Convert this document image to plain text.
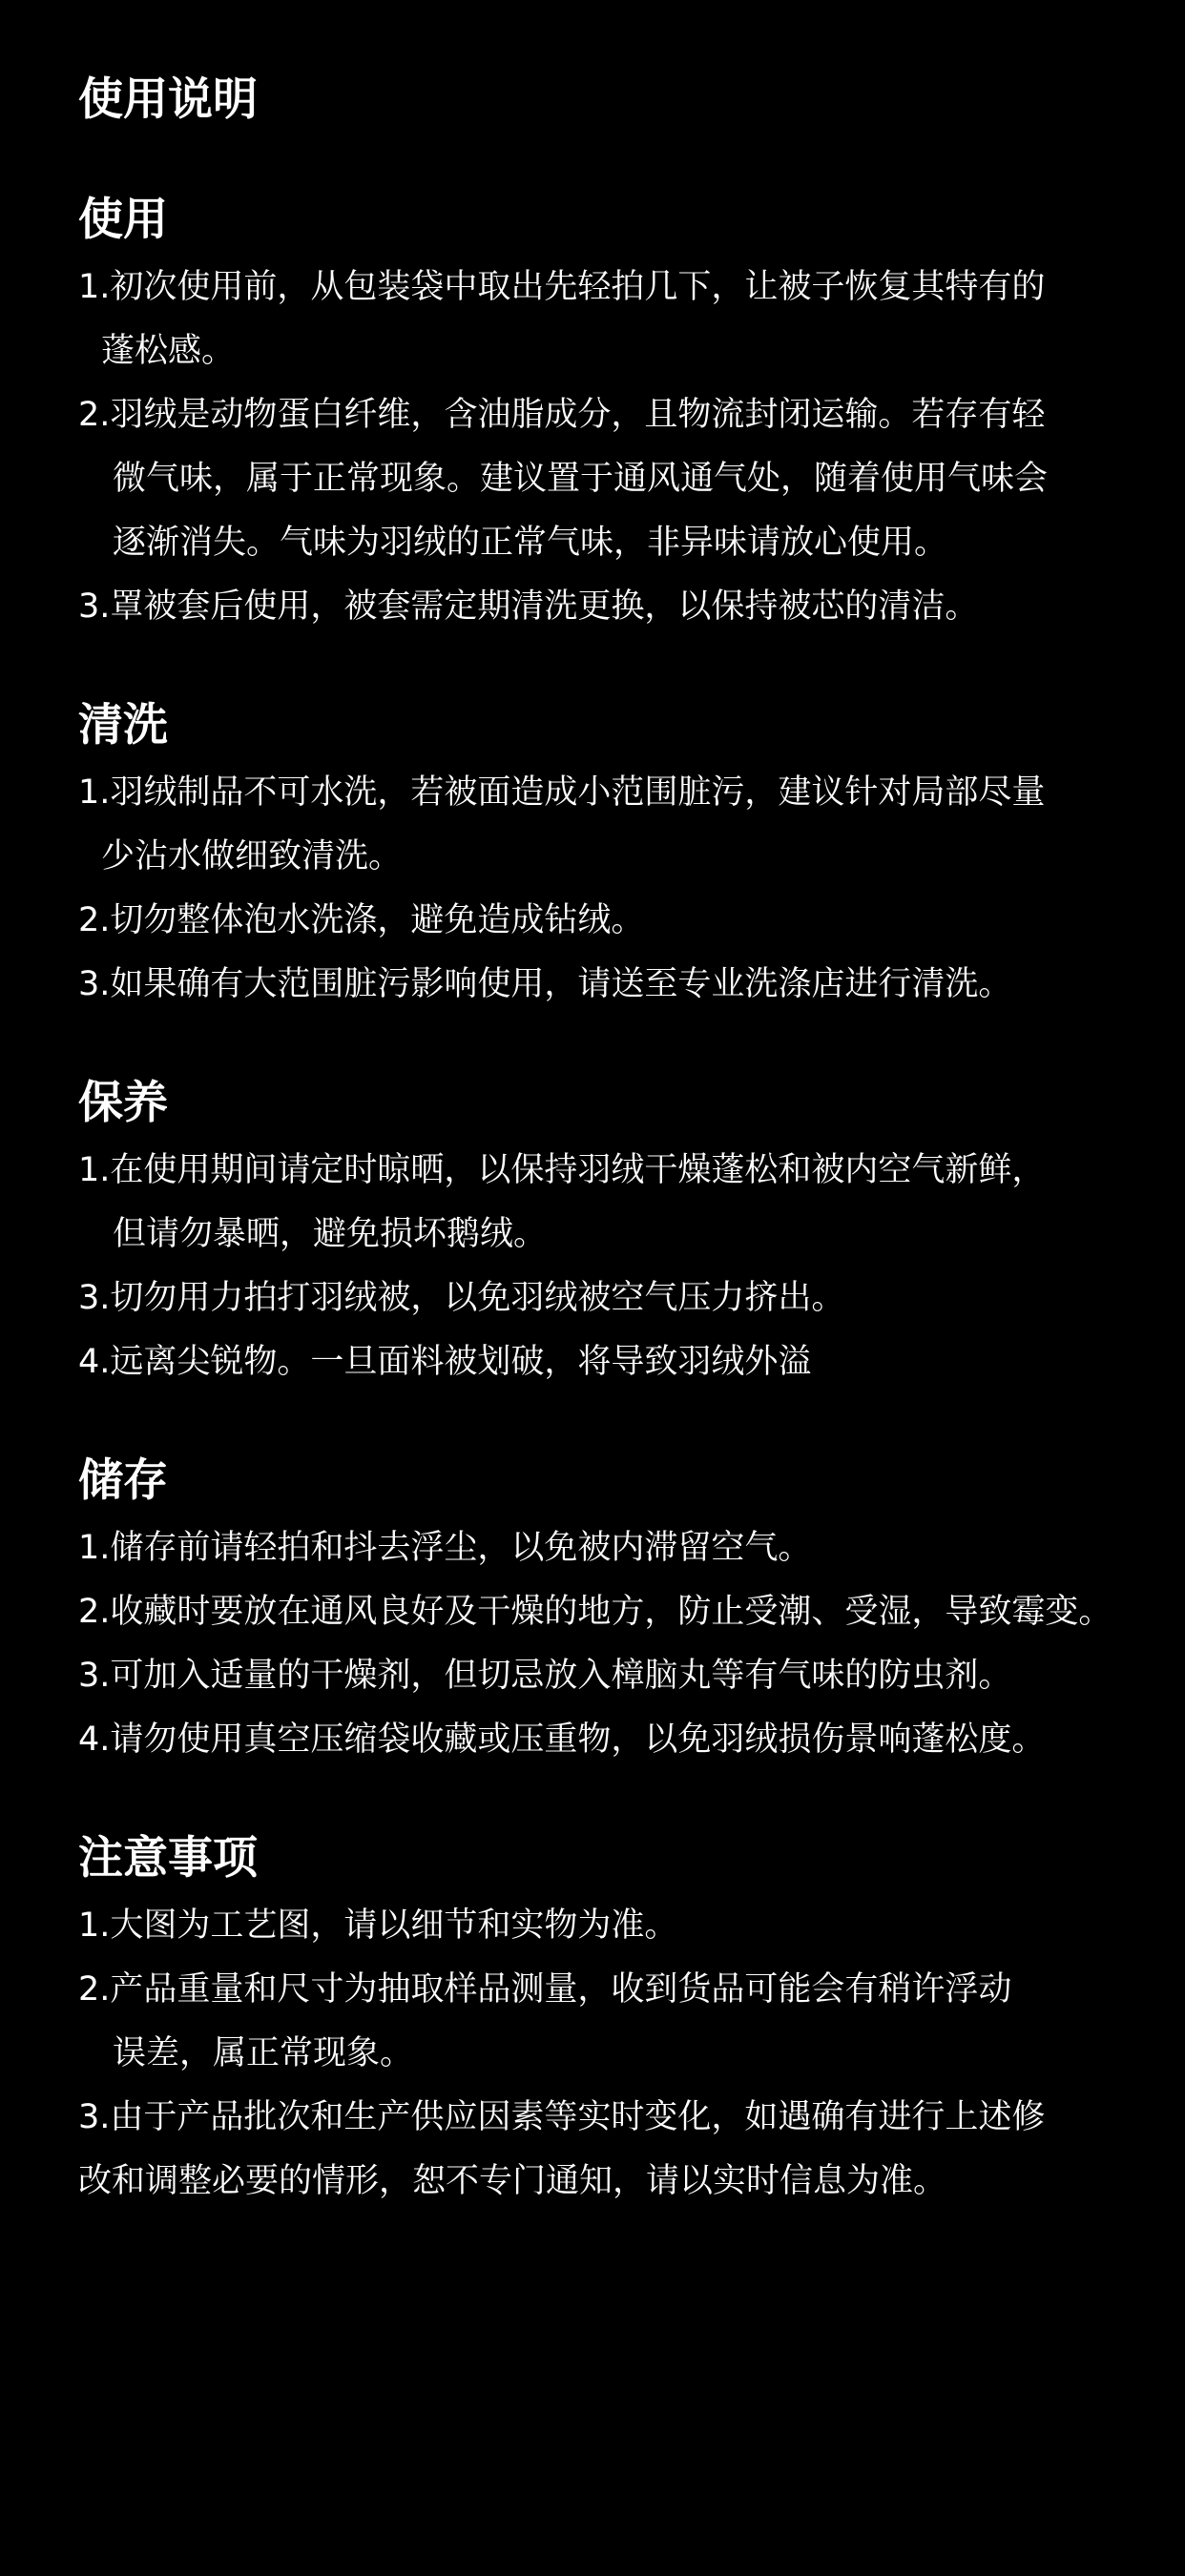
使用说明
使用

1.初次使用前，从包装袋中取出先轻拍几下，让被子恢复其特有的

蓬松感。

2.羽绒是动物蛋白纤维，含油脂成分，且物流封闭运输。若存有轻

微气味，属于正常现象。建议置于通风通气处，随着使用气味会

逐渐消失。气味为羽绒的正常气味，非异味请放心使用。

3.罩被套后使用，被套需定期清洗更换，以保持被芯的清洁。

清洗

1.羽绒制品不可水洗，若被面造成小范围脏污，建议针对局部尽量

少沾水做细致清洗。

2.切勿整体泡水洗涤，避免造成钻绒。

3.如果确有大范围脏污影响使用，请送至专业洗涤店进行清洗。

保养

1.在使用期间请定时晾晒，以保持羽绒干燥蓬松和被内空气新鲜，

但请勿暴晒，避免损坏鹅绒。

3.切勿用力拍打羽绒被，以免羽绒被空气压力挤出。

4.远离尖锐物。一旦面料被划破，将导致羽绒外溢

储存

1.储存前请轻拍和抖去浮尘，以免被内滞留空气。

2.收藏时要放在通风良好及干燥的地方，防止受潮、受湿，导致霉变。

3.可加入适量的干燥剂，但切忌放入樟脑丸等有气味的防虫剂。

4.请勿使用真空压缩袋收藏或压重物，以免羽绒损伤景响蓬松度。

注意事项

1.大图为工艺图，请以细节和实物为准。

2.产品重量和尺寸为抽取样品测量，收到货品可能会有稍许浮动

误差，属正常现象。

3.由于产品批次和生产供应因素等实时变化，如遇确有进行上述修

改和调整必要的情形，恕不专门通知，请以实时信息为准。
